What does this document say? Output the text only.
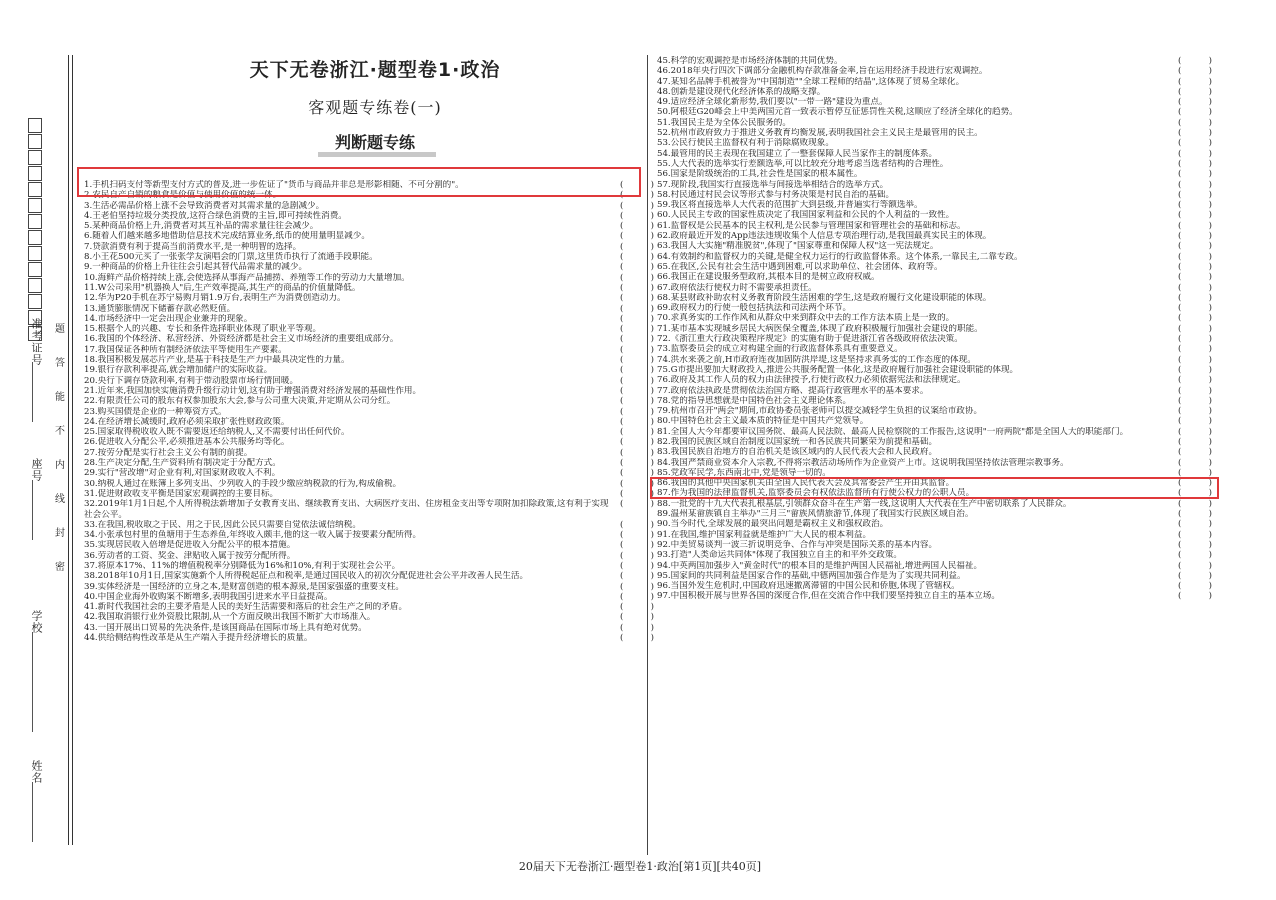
准考证号
座号
学校
姓名
题
答
能
不
内
线
封
密
天下无卷浙江·题型卷1·政治
客观题专练卷(一)
判断题专练
1.手机扫码支付等新型支付方式的普及,进一步佐证了"货币与商品并非总是形影相随、不可分割的"。	(	)
2.农民自产自销的粮食是价值与使用价值的统一体。	(	)
3.生活必需品价格上涨不会导致消费者对其需求量的急剧减少。	(	)
4.王老伯坚持垃圾分类投放,这符合绿色消费的主旨,即可持续性消费。	(	)
5.某种商品价格上升,消费者对其互补品的需求量往往会减少。	(	)
6.随着人们越来越多地借助信息技术完成结算业务,纸币的使用量明显减少。	(	)
7.贷款消费有利于提高当前消费水平,是一种明智的选择。	(	)
8.小王花500元买了一张张学友演唱会的门票,这里货币执行了流通手段职能。	(	)
9.一种商品的价格上升往往会引起其替代品需求量的减少。	(	)
10.海鲜产品价格持续上涨,会使选择从事海产品捕捞、养殖等工作的劳动力大量增加。	(	)
11.W公司采用"机器换人"后,生产效率提高,其生产的商品的价值量降低。	(	)
12.华为P20手机在苏宁易购月销1.9万台,表明生产为消费创造动力。	(	)
13.通货膨胀情况下储蓄存款必然贬值。	(	)
14.市场经济中一定会出现企业兼并的现象。	(	)
15.根据个人的兴趣、专长和条件选择职业体现了职业平等观。	(	)
16.我国的个体经济、私营经济、外资经济都是社会主义市场经济的重要组成部分。	(	)
17.我国保证各种所有制经济依法平等使用生产要素。	(	)
18.我国积极发展芯片产业,是基于科技是生产力中最具决定性的力量。	(	)
19.银行存款利率提高,就会增加储户的实际收益。	(	)
20.央行下调存贷款利率,有利于带动股票市场行情回暖。	(	)
21.近年来,我国加快实施消费升级行动计划,这有助于增强消费对经济发展的基础性作用。	(	)
22.有限责任公司的股东有权参加股东大会,参与公司重大决策,并定期从公司分红。	(	)
23.购买国债是企业的一种筹资方式。	(	)
24.在经济增长减缓时,政府必须采取扩张性财政政策。	(	)
25.国家取得税收收入既不需要返还给纳税人,又不需要付出任何代价。	(	)
26.促进收入分配公平,必须推进基本公共服务均等化。	(	)
27.按劳分配是实行社会主义公有制的前提。	(	)
28.生产决定分配,生产资料所有制决定于分配方式。	(	)
29.实行"营改增"对企业有利,对国家财政收入不利。	(	)
30.纳税人通过在账簿上多列支出、少列收入的手段少缴应纳税款的行为,构成偷税。	(	)
31.促进财政收支平衡是国家宏观调控的主要目标。	(	)
32.2019年1月1日起,个人所得税法新增加子女教育支出、继续教育支出、大病医疗支出、住房租金支出等专项附加扣除政策,这有利于实现社会公平。
(	)
33.在我国,税收取之于民、用之于民,因此公民只需要自觉依法诚信纳税。	(	)
34.小张承包村里的鱼塘用于生态养鱼,年终收入颇丰,他的这一收入属于按要素分配所得。	(	)
35.实现居民收入倍增是促进收入分配公平的根本措施。	(	)
36.劳动者的工资、奖金、津贴收入属于按劳分配所得。	(	)
37.将原本17%、11%的增值税税率分别降低为16%和10%,有利于实现社会公平。	(	)
38.2018年10月1日,国家实施新个人所得税起征点和税率,是通过国民收入的初次分配促进社会公平并改善人民生活。	(	)
39.实体经济是一国经济的立身之本,是财富创造的根本源泉,是国家强盛的重要支柱。	(	)
40.中国企业海外收购案不断增多,表明我国引进来水平日益提高。	(	)
41.新时代我国社会的主要矛盾是人民的美好生活需要和落后的社会生产之间的矛盾。	(	)
42.我国取消银行业外资股比限制,从一个方面反映出我国不断扩大市场准入。	(	)
43.一国开展出口贸易的先决条件,是该国商品在国际市场上具有绝对优势。	(	)
44.供给侧结构性改革是从生产端入手提升经济增长的质量。	(	)
45.科学的宏观调控是市场经济体制的共同优势。	(	)
46.2018年央行四次下调部分金融机构存款准备金率,旨在运用经济手段进行宏观调控。	(	)
47.某知名品牌手机被誉为"中国制造""全球工程师的结晶",这体现了贸易全球化。	(	)
48.创新是建设现代化经济体系的战略支撑。	(	)
49.适应经济全球化新形势,我们要以"一带一路"建设为重点。	(	)
50.阿根廷G20峰会上中美两国元首一致表示暂停互征惩罚性关税,这顺应了经济全球化的趋势。	(	)
51.我国民主是为全体公民服务的。	(	)
52.杭州市政府致力于推进义务教育均衡发展,表明我国社会主义民主是最管用的民主。	(	)
53.公民行使民主监督权有利于消除腐败现象。	(	)
54.最管用的民主表现在我国建立了一整套保障人民当家作主的制度体系。	(	)
55.人大代表的选举实行差额选举,可以比较充分地考虑当选者结构的合理性。	(	)
56.国家是阶级统治的工具,社会性是国家的根本属性。	(	)
57.现阶段,我国实行直接选举与间接选举相结合的选举方式。	(	)
58.村民通过村民会议等形式参与村务决策是村民自治的基础。	(	)
59.我区将直接选举人大代表的范围扩大到县级,并普遍实行等额选举。	(	)
60.人民民主专政的国家性质决定了我国国家利益和公民的个人利益的一致性。	(	)
61.监督权是公民基本的民主权利,是公民参与管理国家和管理社会的基础和标志。	(	)
62.政府最近开发的App违法违规收集个人信息专项治理行动,是我国最真实民主的体现。	(	)
63.我国人大实施"精准脱贫",体现了"国家尊重和保障人权"这一宪法规定。	(	)
64.有效制约和监督权力的关键,是健全权力运行的行政监督体系。这个体系,一靠民主,二靠专政。	(	)
65.在我区,公民有社会生活中遇到困难,可以求助单位、社会团体、政府等。	(	)
66.我国正在建设服务型政府,其根本目的是树立政府权威。	(	)
67.政府依法行使权力时不需要承担责任。	(	)
68.某县财政补助农村义务教育阶段生活困难的学生,这是政府履行文化建设职能的体现。	(	)
69.政府权力的行使一般包括执法和司法两个环节。	(	)
70.求真务实的工作作风和从群众中来到群众中去的工作方法本质上是一致的。	(	)
71.某市基本实现城乡居民大病医保全覆盖,体现了政府积极履行加强社会建设的职能。	(	)
72.《浙江重大行政决策程序规定》的实施有助于促进浙江省各级政府依法决策。	(	)
73.监察委员会的成立对构建全面的行政监督体系具有重要意义。	(	)
74.洪水来袭之前,H市政府连夜加固防洪岸堤,这是坚持求真务实的工作态度的体现。	(	)
75.G市提出要加大财政投入,推进公共服务配置一体化,这是政府履行加强社会建设职能的体现。	(	)
76.政府及其工作人员的权力由法律授予,行使行政权力必须依据宪法和法律规定。	(	)
77.政府依法执政是贯彻依法治国方略、提高行政管理水平的基本要求。	(	)
78.党的指导思想就是中国特色社会主义理论体系。	(	)
79.杭州市召开"两会"期间,市政协委员张老师可以提交减轻学生负担的议案给市政协。	(	)
80.中国特色社会主义最本质的特征是中国共产党领导。	(	)
81.全国人大今年都要审议国务院、最高人民法院、最高人民检察院的工作报告,这说明"一府两院"都是全国人大的职能部门。	(	)
82.我国的民族区域自治制度以国家统一和各民族共同繁荣为前提和基础。	(	)
83.我国民族自治地方的自治机关是该区域内的人民代表大会和人民政府。	(	)
84.我国严禁商业资本介入宗教,不得将宗教活动场所作为企业资产上市。这说明我国坚持依法管理宗教事务。	(	)
85.党政军民学,东西南北中,党是领导一切的。	(	)
86.我国的其他中央国家机关由全国人民代表大会及其常委会产生并由其监督。	(	)
87.作为我国的法律监督机关,监察委员会有权依法监督所有行使公权力的公职人员。	(	)
88.一批党的十九大代表扎根基层,引领群众奋斗在生产第一线,这说明人大代表在生产中密切联系了人民群众。	(	)
89.温州某畲族镇自主举办"三月三"畲族风情旅游节,体现了我国实行民族区域自治。	(	)
90.当今时代,全球发展的最突出问题是霸权主义和强权政治。	(	)
91.在我国,维护国家利益就是维护广大人民的根本利益。	(	)
92.中美贸易谈判一波三折说明竞争、合作与冲突是国际关系的基本内容。	(	)
93.打造"人类命运共同体"体现了我国独立自主的和平外交政策。	(	)
94.中英两国加强步入"黄金时代"的根本目的是维护两国人民福祉,增进两国人民福祉。	(	)
95.国家间的共同利益是国家合作的基础,中德两国加强合作是为了实现共同利益。	(	)
96.当国外发生危机时,中国政府迅速撤离滞留的中国公民和侨胞,体现了管辖权。	(	)
97.中国积极开展与世界各国的深度合作,但在交流合作中我们要坚持独立自主的基本立场。	(	)
20届天下无卷浙江·题型卷1·政治[第1页][共40页]
